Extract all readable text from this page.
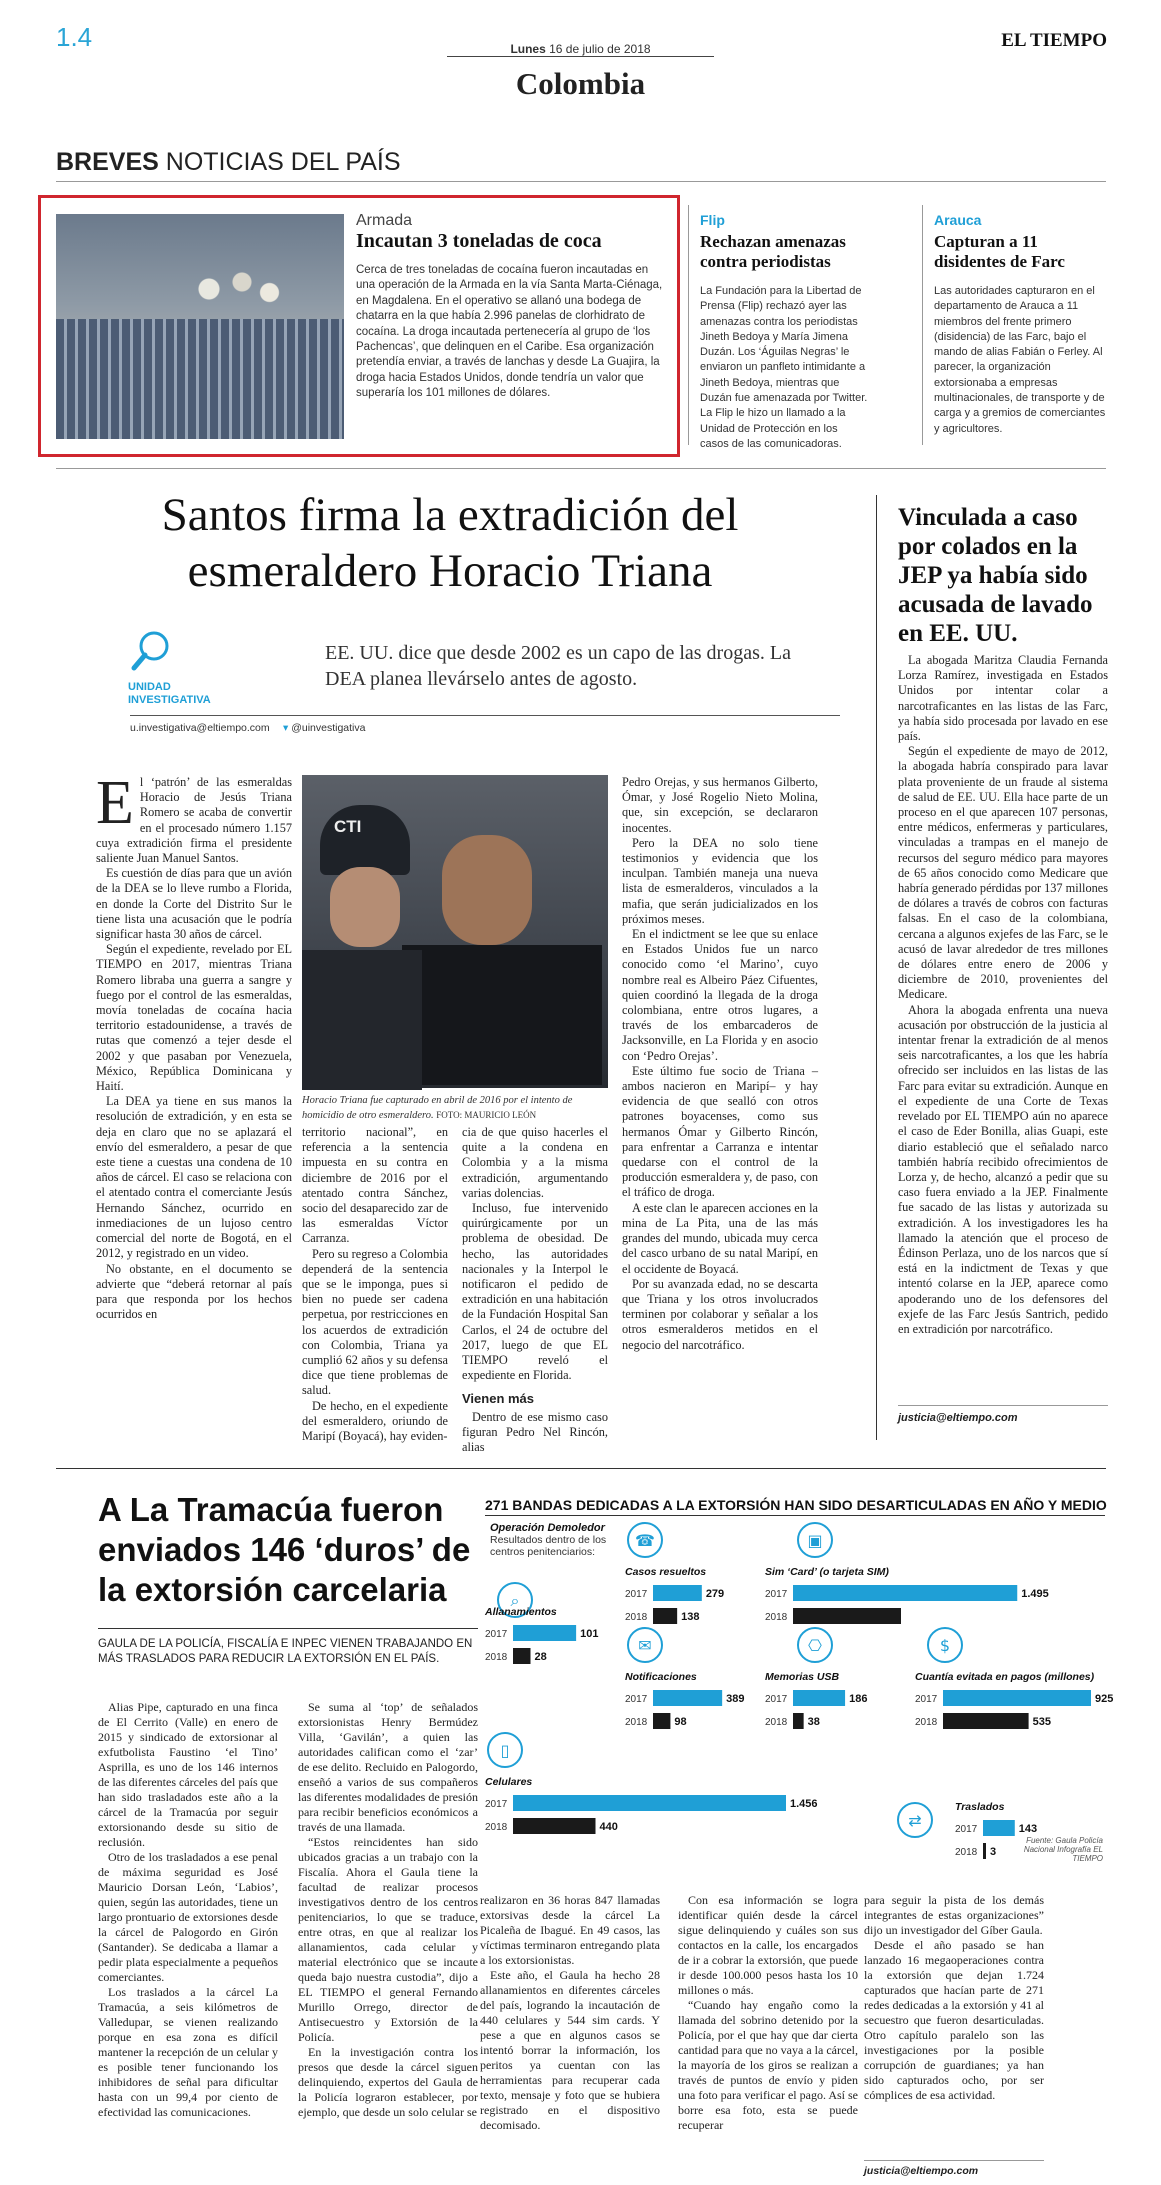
1.4	Lunes 16 de julio de 2018	EL TIEMPO
Colombia
BREVES NOTICIAS DEL PAÍS
Armada
Incautan 3 toneladas de coca
Cerca de tres toneladas de cocaína fueron incautadas en una operación de la Armada en la vía Santa Marta-Ciénaga, en Magdalena. En el operativo se allanó una bodega de chatarra en la que había 2.996 panelas de clorhidrato de cocaína. La droga incautada pertenecería al grupo de ‘los Pachencas’, que delinquen en el Caribe. Esa organización pretendía enviar, a través de lanchas y desde La Guajira, la droga hacia Estados Unidos, donde tendría un valor que superaría los 101 millones de dólares.
Flip
Rechazan amenazas contra periodistas
La Fundación para la Libertad de Prensa (Flip) rechazó ayer las amenazas contra los periodistas Jineth Bedoya y María Jimena Duzán. Los ‘Águilas Negras’ le enviaron un panfleto intimidante a Jineth Bedoya, mientras que Duzán fue amenazada por Twitter. La Flip le hizo un llamado a la Unidad de Protección en los casos de las comunicadoras.
Arauca
Capturan a 11 disidentes de Farc
Las autoridades capturaron en el departamento de Arauca a 11 miembros del frente primero (disidencia) de las Farc, bajo el mando de alias Fabián o Ferley. Al parecer, la organización extorsionaba a empresas multinacionales, de transporte y de carga y a gremios de comerciantes y agricultores.
Santos firma la extradición del esmeraldero Horacio Triana
UNIDAD INVESTIGATIVA
EE. UU. dice que desde 2002 es un capo de las drogas. La DEA planea llevárselo antes de agosto.
u.investigativa@eltiempo.com ▾ @uinvestigativa
E l ‘patrón’ de las esmeraldas Horacio de Jesús Triana Romero se acaba de convertir en el procesado número 1.157 cuya extradición firma el presidente saliente Juan Manuel Santos.

Es cuestión de días para que un avión de la DEA se lo lleve rumbo a Florida, en donde la Corte del Distrito Sur le tiene lista una acusación que le podría significar hasta 30 años de cárcel.

Según el expediente, revelado por EL TIEMPO en 2017, mientras Triana Romero libraba una guerra a sangre y fuego por el control de las esmeraldas, movía toneladas de cocaína hacia territorio estadounidense, a través de rutas que comenzó a tejer desde el 2002 y que pasaban por Venezuela, México, República Dominicana y Haití.

La DEA ya tiene en sus manos la resolución de extradición, y en esta se deja en claro que no se aplazará el envío del esmeraldero, a pesar de que este tiene a cuestas una condena de 10 años de cárcel. El caso se relaciona con el atentado contra el comerciante Jesús Hernando Sánchez, ocurrido en inmediaciones de un lujoso centro comercial del norte de Bogotá, en el 2012, y registrado en un video.

No obstante, en el documento se advierte que “deberá retornar al país para que responda por los hechos ocurridos en

CTI
Horacio Triana fue capturado en abril de 2016 por el intento de homicidio de otro esmeraldero. FOTO: MAURICIO LEÓN

territorio nacional”, en referencia a la sentencia impuesta en su contra en diciembre de 2016 por el atentado contra Sánchez, socio del desaparecido zar de las esmeraldas Víctor Carranza.

Pero su regreso a Colombia dependerá de la sentencia que se le imponga, pues si bien no puede ser cadena perpetua, por restricciones en los acuerdos de extradición con Colombia, Triana ya cumplió 62 años y su defensa dice que tiene problemas de salud.

De hecho, en el expediente del esmeraldero, oriundo de Maripí (Boyacá), hay eviden-

cia de que quiso hacerles el quite a la condena en Colombia y a la misma extradición, argumentando varias dolencias.

Incluso, fue intervenido quirúrgicamente por un problema de obesidad. De hecho, las autoridades nacionales y la Interpol le notificaron el pedido de extradición en una habitación de la Fundación Hospital San Carlos, el 24 de octubre del 2017, luego de que EL TIEMPO reveló el expediente en Florida.

Vienen más

Dentro de ese mismo caso figuran Pedro Nel Rincón, alias

Pedro Orejas, y sus hermanos Gilberto, Ómar, y José Rogelio Nieto Molina, que, sin excepción, se declararon inocentes.

Pero la DEA no solo tiene testimonios y evidencia que los inculpan. También maneja una nueva lista de esmeralderos, vinculados a la mafia, que serán judicializados en los próximos meses.

En el indictment se lee que su enlace en Estados Unidos fue un narco conocido como ‘el Marino’, cuyo nombre real es Albeiro Páez Cifuentes, quien coordinó la llegada de la droga colombiana, entre otros lugares, a través de los embarcaderos de Jacksonville, en La Florida y en asocio con ‘Pedro Orejas’.

Este último fue socio de Triana –ambos nacieron en Maripí– y hay evidencia de que sealló con otros patrones boyacenses, como sus hermanos Ómar y Gilberto Rincón, para enfrentar a Carranza e intentar quedarse con el control de la producción esmeraldera y, de paso, con el tráfico de droga.

A este clan le aparecen acciones en la mina de La Pita, una de las más grandes del mundo, ubicada muy cerca del casco urbano de su natal Maripí, en el occidente de Boyacá.

Por su avanzada edad, no se descarta que Triana y los otros involucrados terminen por colaborar y señalar a los otros esmeralderos metidos en el negocio del narcotráfico.

Vinculada a caso por colados en la JEP ya había sido acusada de lavado en EE. UU.

La abogada Maritza Claudia Fernanda Lorza Ramírez, investigada en Estados Unidos por intentar colar a narcotraficantes en las listas de las Farc, ya había sido procesada por lavado en ese país.

Según el expediente de mayo de 2012, la abogada habría conspirado para lavar plata proveniente de un fraude al sistema de salud de EE. UU. Ella hace parte de un proceso en el que aparecen 107 personas, entre médicos, enfermeras y particulares, vinculadas a trampas en el manejo de recursos del seguro médico para mayores de 65 años conocido como Medicare que habría generado pérdidas por 137 millones de dólares a través de cobros con facturas falsas. En el caso de la colombiana, cercana a algunos exjefes de las Farc, se le acusó de lavar alrededor de tres millones de dólares entre enero de 2006 y diciembre de 2010, provenientes del Medicare.

Ahora la abogada enfrenta una nueva acusación por obstrucción de la justicia al intentar frenar la extradición de al menos seis narcotraficantes, a los que les habría ofrecido ser incluidos en las listas de las Farc para evitar su extradición. Aunque en el expediente de una Corte de Texas revelado por EL TIEMPO aún no aparece el caso de Eder Bonilla, alias Guapi, este diario estableció que el señalado narco también habría recibido ofrecimientos de Lorza y, de hecho, alcanzó a pedir que su caso fuera enviado a la JEP. Finalmente fue sacado de las listas y autorizada su extradición. A los investigadores les ha llamado la atención que el proceso de Édinson Perlaza, uno de los narcos que sí está en la indictment de Texas y que intentó colarse en la JEP, aparece como apoderando uno de los defensores del exjefe de las Farc Jesús Santrich, pedido en extradición por narcotráfico.

justicia@eltiempo.com
A La Tramacúa fueron enviados 146 ‘duros’ de la extorsión carcelaria
GAULA DE LA POLICÍA, FISCALÍA E INPEC VIENEN TRABAJANDO EN MÁS TRASLADOS PARA REDUCIR LA EXTORSIÓN EN EL PAÍS.

Alias Pipe, capturado en una finca de El Cerrito (Valle) en enero de 2015 y sindicado de extorsionar al exfutbolista Faustino ‘el Tino’ Asprilla, es uno de los 146 internos de las diferentes cárceles del país que han sido trasladados este año a la cárcel de la Tramacúa por seguir extorsionando desde su sitio de reclusión.

Otro de los trasladados a ese penal de máxima seguridad es José Mauricio Dorsan León, ‘Labios’, quien, según las autoridades, tiene un largo prontuario de extorsiones desde la cárcel de Palogordo en Girón (Santander). Se dedicaba a llamar a pedir plata especialmente a pequeños comerciantes.

Los traslados a la cárcel La Tramacúa, a seis kilómetros de Valledupar, se vienen realizando porque en esa zona es difícil mantener la recepción de un celular y es posible tener funcionando los inhibidores de señal para dificultar hasta con un 99,4 por ciento de efectividad las comunicaciones.

Se suma al ‘top’ de señalados extorsionistas Henry Bermúdez Villa, ‘Gavilán’, a quien las autoridades califican como el ‘zar’ de ese delito. Recluido en Palogordo, enseñó a varios de sus compañeros las diferentes modalidades de presión para recibir beneficios económicos a través de una llamada.

“Estos reincidentes han sido ubicados gracias a un trabajo con la Fiscalía. Ahora el Gaula tiene la facultad de realizar procesos investigativos dentro de los centros penitenciarios, lo que se traduce, entre otras, en que al realizar los allanamientos, cada celular y material electrónico que se incaute queda bajo nuestra custodia”, dijo a EL TIEMPO el general Fernando Murillo Orrego, director de Antisecuestro y Extorsión de la Policía.

En la investigación contra los presos que desde la cárcel siguen delinquiendo, expertos del Gaula de la Policía lograron establecer, por ejemplo, que desde un solo celular se

realizaron en 36 horas 847 llamadas extorsivas desde la cárcel La Picaleña de Ibagué. En 49 casos, las víctimas terminaron entregando plata a los extorsionistas.

Este año, el Gaula ha hecho 28 allanamientos en diferentes cárceles del país, logrando la incautación de 440 celulares y 544 sim cards. Y pese a que en algunos casos se intentó borrar la información, los peritos ya cuentan con las herramientas para recuperar cada texto, mensaje y foto que se hubiera registrado en el dispositivo decomisado.

Con esa información se logra identificar quién desde la cárcel sigue delinquiendo y cuáles son sus contactos en la calle, los encargados de ir a cobrar la extorsión, que puede ir desde 100.000 pesos hasta los 10 millones o más.

“Cuando hay engaño como la llamada del sobrino detenido por la Policía, por el que hay que dar cierta cantidad para que no vaya a la cárcel, la mayoría de los giros se realizan a través de puntos de envío y piden una foto para verificar el pago. Así se borre esa foto, esta se puede recuperar

para seguir la pista de los demás integrantes de estas organizaciones” dijo un investigador del Gíber Gaula.

Desde el año pasado se han lanzado 16 megaoperaciones contra la extorsión que dejan 1.724 capturados que hacían parte de 271 redes dedicadas a la extorsión y 41 al secuestro que fueron desarticuladas. Otro capítulo paralelo son las investigaciones por la posible corrupción de guardianes; ya han sido capturados ocho, por ser cómplices de esa actividad.

justicia@eltiempo.com
271 BANDAS DEDICADAS A LA EXTORSIÓN HAN SIDO DESARTICULADAS EN AÑO Y MEDIO
Operación Demoledor
Resultados dentro de los centros penitenciarios:
⌕
Allanamientos
2017	101
2018 28
☎
Casos resueltos
2017	279
2018	138
▣
Sim ‘Card’ (o tarjeta SIM)
2017	1.495
2018
✉
Notificaciones
2017	389
2018 98
⎔
Memorias USB
2017	186
2018 38
$
Cuantía evitada en pagos (millones)
2017	925
2018	535
▯
Celulares
2017	1.456
2018	440	⇄
Traslados
2017	143
2018 3
Fuente: Gaula Policía Nacional Infografía EL TIEMPO
